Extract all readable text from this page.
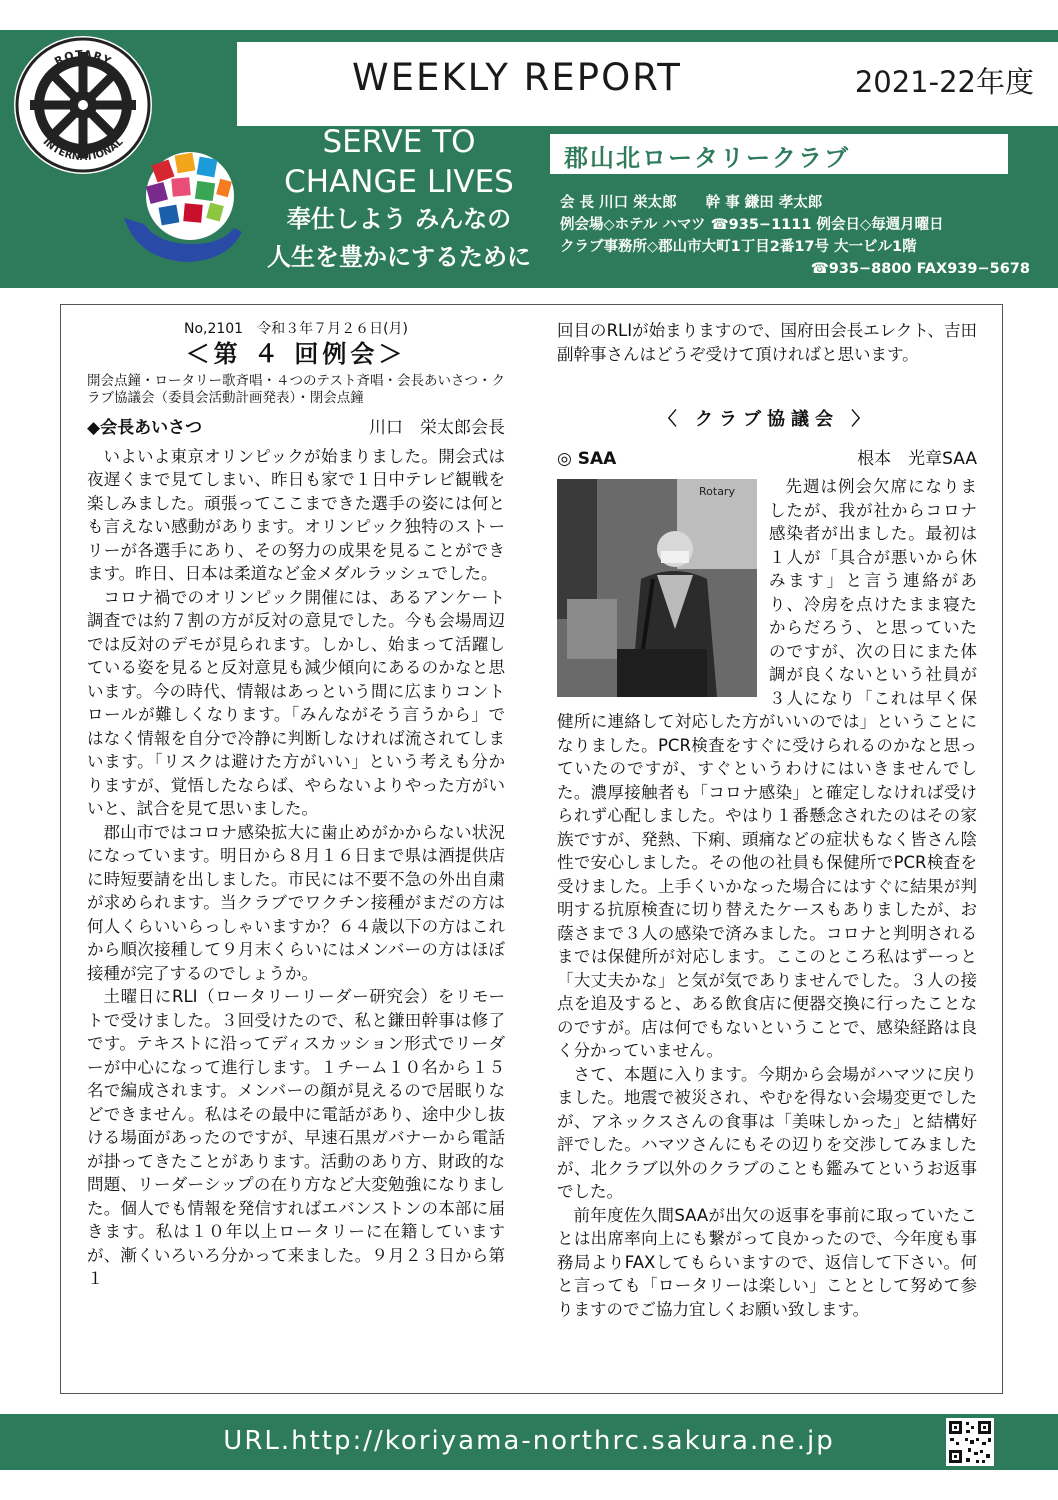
WEEKLY REPORT	2021-22年度
ROTARY
INTERNATIONAL	SERVE TO
CHANGE LIVES
奉仕しよう みんなの
人生を豊かにするために
Rotary International District 2530
郡山北ロータリークラブ
会 長 川口 栄太郎　　幹 事 鎌田 孝太郎
例会場◇ホテル ハマツ ☎935−1111 例会日◇毎週月曜日
クラブ事務所◇郡山市大町1丁目2番17号 大一ビル1階
☎935−8800 FAX939−5678
No,2101　令和３年７月２６日(月)
＜第 ４ 回例会＞
開会点鐘・ロータリー歌斉唱・４つのテスト斉唱・会長あいさつ・クラブ協議会（委員会活動計画発表）・閉会点鐘
◆会長あいさつ	川口　栄太郎会長

いよいよ東京オリンピックが始まりました。開会式は夜遅くまで見てしまい、昨日も家で１日中テレビ観戦を楽しみました。頑張ってここまできた選手の姿には何とも言えない感動があります。オリンピック独特のストーリーが各選手にあり、その努力の成果を見ることができます。昨日、日本は柔道など金メダルラッシュでした。

コロナ禍でのオリンピック開催には、あるアンケート調査では約７割の方が反対の意見でした。今も会場周辺では反対のデモが見られます。しかし、始まって活躍している姿を見ると反対意見も減少傾向にあるのかなと思います。今の時代、情報はあっという間に広まりコントロールが難しくなります。「みんながそう言うから」ではなく情報を自分で冷静に判断しなければ流されてしまいます。「リスクは避けた方がいい」という考えも分かりますが、覚悟したならば、やらないよりやった方がいいと、試合を見て思いました。

郡山市ではコロナ感染拡大に歯止めがかからない状況になっています。明日から８月１６日まで県は酒提供店に時短要請を出しました。市民には不要不急の外出自粛が求められます。当クラブでワクチン接種がまだの方は何人くらいいらっしゃいますか？６４歳以下の方はこれから順次接種して９月末くらいにはメンバーの方はほぼ接種が完了するのでしょうか。

土曜日にRLI（ロータリーリーダー研究会）をリモートで受けました。３回受けたので、私と鎌田幹事は修了です。テキストに沿ってディスカッション形式でリーダーが中心になって進行します。１チーム１０名から１５名で編成されます。メンバーの顔が見えるので居眠りなどできません。私はその最中に電話があり、途中少し抜ける場面があったのですが、早速石黒ガバナーから電話が掛ってきたことがあります。活動のあり方、財政的な問題、リーダーシップの在り方など大変勉強になりました。個人でも情報を発信すればエバンストンの本部に届きます。私は１０年以上ロータリーに在籍していますが、漸くいろいろ分かって来ました。９月２３日から第１

回目のRLIが始まりますので、国府田会長エレクト、吉田副幹事さんはどうぞ受けて頂ければと思います。
〈 クラブ協議会 〉
◎ SAA	根本　光章SAA
Rotary	先週は例会欠席になりましたが、我が社からコロナ感染者が出ました。最初は１人が「具合が悪いから休みます」と言う連絡があり、冷房を点けたまま寝たからだろう、と思っていたのですが、次の日にまた体調が良くないという社員が３人になり「これは早く保健所に連絡して対応した方がいいのでは」ということになりました。PCR検査をすぐに受けられるのかなと思っていたのですが、すぐというわけにはいきませんでした。濃厚接触者も「コロナ感染」と確定しなければ受けられず心配しました。やはり１番懸念されたのはその家族ですが、発熱、下痢、頭痛などの症状もなく皆さん陰性で安心しました。その他の社員も保健所でPCR検査を受けました。上手くいかなった場合にはすぐに結果が判明する抗原検査に切り替えたケースもありましたが、お蔭さまで３人の感染で済みました。コロナと判明されるまでは保健所が対応します。ここのところ私はずーっと「大丈夫かな」と気が気でありませんでした。３人の接点を追及すると、ある飲食店に便器交換に行ったことなのですが。店は何でもないということで、感染経路は良く分かっていません。

さて、本題に入ります。今期から会場がハマツに戻りました。地震で被災され、やむを得ない会場変更でしたが、アネックスさんの食事は「美味しかった」と結構好評でした。ハマツさんにもその辺りを交渉してみましたが、北クラブ以外のクラブのことも鑑みてというお返事でした。

前年度佐久間SAAが出欠の返事を事前に取っていたことは出席率向上にも繋がって良かったので、今年度も事務局よりFAXしてもらいますので、返信して下さい。何と言っても「ロータリーは楽しい」こととして努めて参りますのでご協力宜しくお願い致します。

URL.http://koriyama-northrc.sakura.ne.jp
